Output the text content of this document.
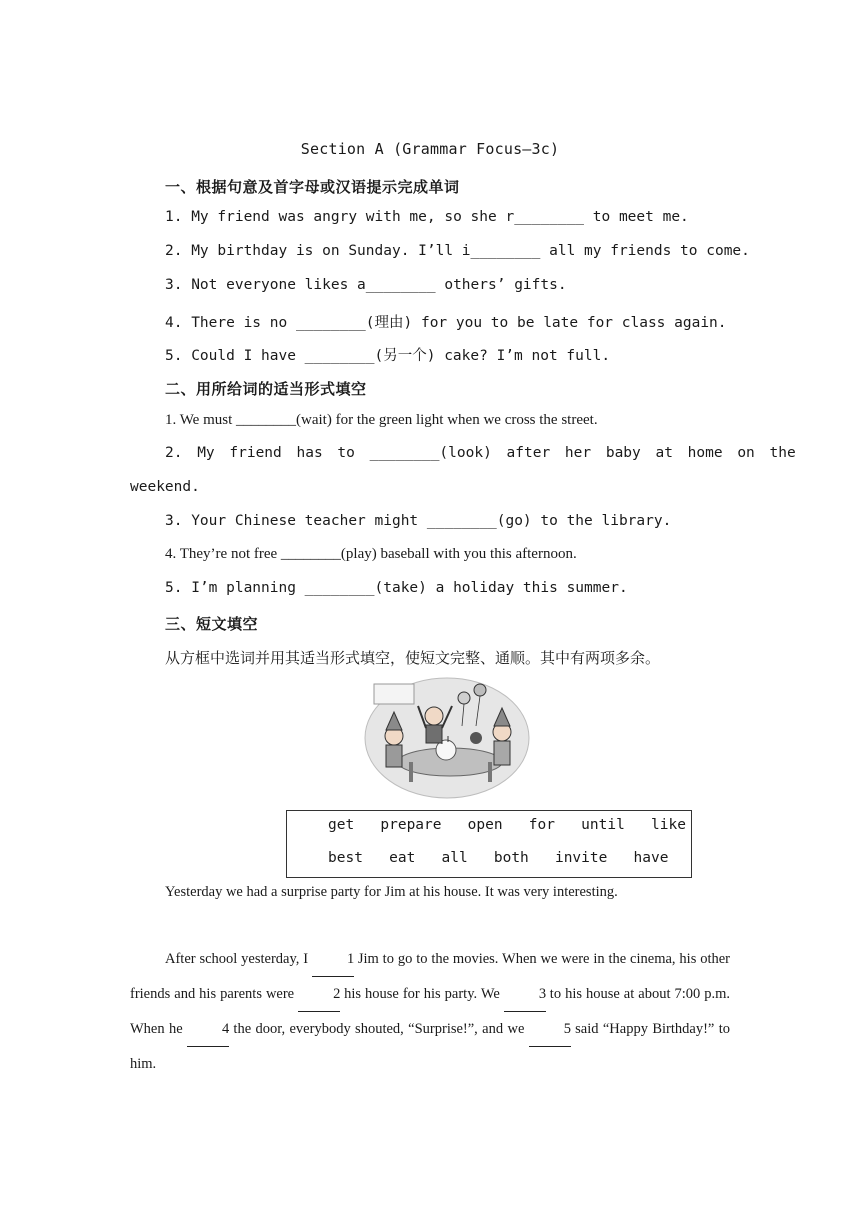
Section A (Grammar Focus—3c)
一、根据句意及首字母或汉语提示完成单词
1. My friend was angry with me, so she r________ to meet me.
2. My birthday is on Sunday. I’ll i________ all my friends to come.
3. Not everyone likes a________ others’ gifts.
4. There is no ________(理由) for you to be late for class again.
5. Could I have ________(另一个) cake? I’m not full.
二、用所给词的适当形式填空
1. We must ________(wait) for the green light when we cross the street.
2. My friend has to ________(look) after her baby at home on the
weekend.
3. Your Chinese teacher might ________(go) to the library.
4. They’re not free ________(play) baseball with you this afternoon.
5. I’m planning ________(take) a holiday this summer.
三、短文填空
从方框中选词并用其适当形式填空，使短文完整、通顺。其中有两项多余。
get   prepare   open   for   until   like
best   eat   all   both   invite   have
Yesterday we had a surprise party for Jim at his house. It was very interesting.
After school yesterday, I 1 Jim to go to the movies. When we were in the cinema, his other friends and his parents were 2 his house for his party. We 3 to his house at about 7:00 p.m. When he 4 the door, everybody shouted, “Surprise!”, and we 5 said “Happy Birthday!” to him.
